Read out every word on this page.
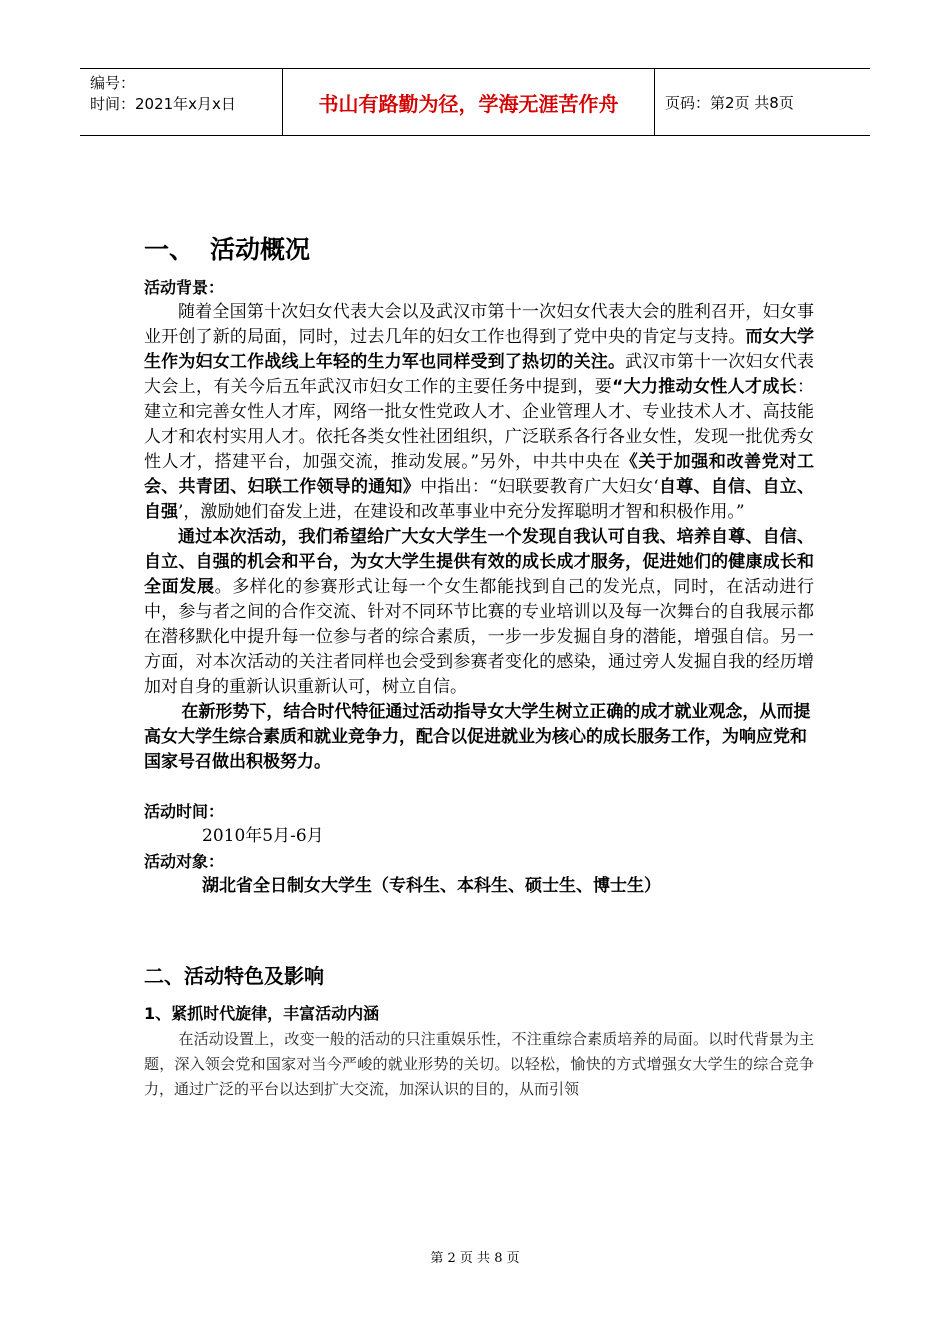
编号：
时间：2021年x月x日	书山有路勤为径，学海无涯苦作舟	页码：第2页 共8页
一、 活动概况
活动背景：

随着全国第十次妇女代表大会以及武汉市第十一次妇女代表大会的胜利召开，妇女事业开创了新的局面，同时，过去几年的妇女工作也得到了党中央的肯定与支持。而女大学生作为妇女工作战线上年轻的生力军也同样受到了热切的关注。武汉市第十一次妇女代表大会上，有关今后五年武汉市妇女工作的主要任务中提到，要“大力推动女性人才成长：建立和完善女性人才库，网络一批女性党政人才、企业管理人才、专业技术人才、高技能人才和农村实用人才。依托各类女性社团组织，广泛联系各行各业女性，发现一批优秀女性人才，搭建平台，加强交流，推动发展。”另外，中共中央在《关于加强和改善党对工会、共青团、妇联工作领导的通知》中指出：“妇联要教育广大妇女‘自尊、自信、自立、自强’，激励她们奋发上进，在建设和改革事业中充分发挥聪明才智和积极作用。”

通过本次活动，我们希望给广大女大学生一个发现自我认可自我、培养自尊、自信、自立、自强的机会和平台，为女大学生提供有效的成长成才服务，促进她们的健康成长和全面发展。多样化的参赛形式让每一个女生都能找到自己的发光点，同时，在活动进行中，参与者之间的合作交流、针对不同环节比赛的专业培训以及每一次舞台的自我展示都在潜移默化中提升每一位参与者的综合素质，一步一步发掘自身的潜能，增强自信。另一方面，对本次活动的关注者同样也会受到参赛者变化的感染，通过旁人发掘自我的经历增加对自身的重新认识重新认可，树立自信。

在新形势下，结合时代特征通过活动指导女大学生树立正确的成才就业观念，从而提高女大学生综合素质和就业竞争力，配合以促进就业为核心的成长服务工作，为响应党和国家号召做出积极努力。

活动时间：
2010年5月-6月
活动对象：
湖北省全日制女大学生（专科生、本科生、硕士生、博士生）
二、活动特色及影响
1、紧抓时代旋律，丰富活动内涵

在活动设置上，改变一般的活动的只注重娱乐性，不注重综合素质培养的局面。以时代背景为主题，深入领会党和国家对当今严峻的就业形势的关切。以轻松，愉快的方式增强女大学生的综合竞争力，通过广泛的平台以达到扩大交流，加深认识的目的，从而引领

第 2 页 共 8 页
